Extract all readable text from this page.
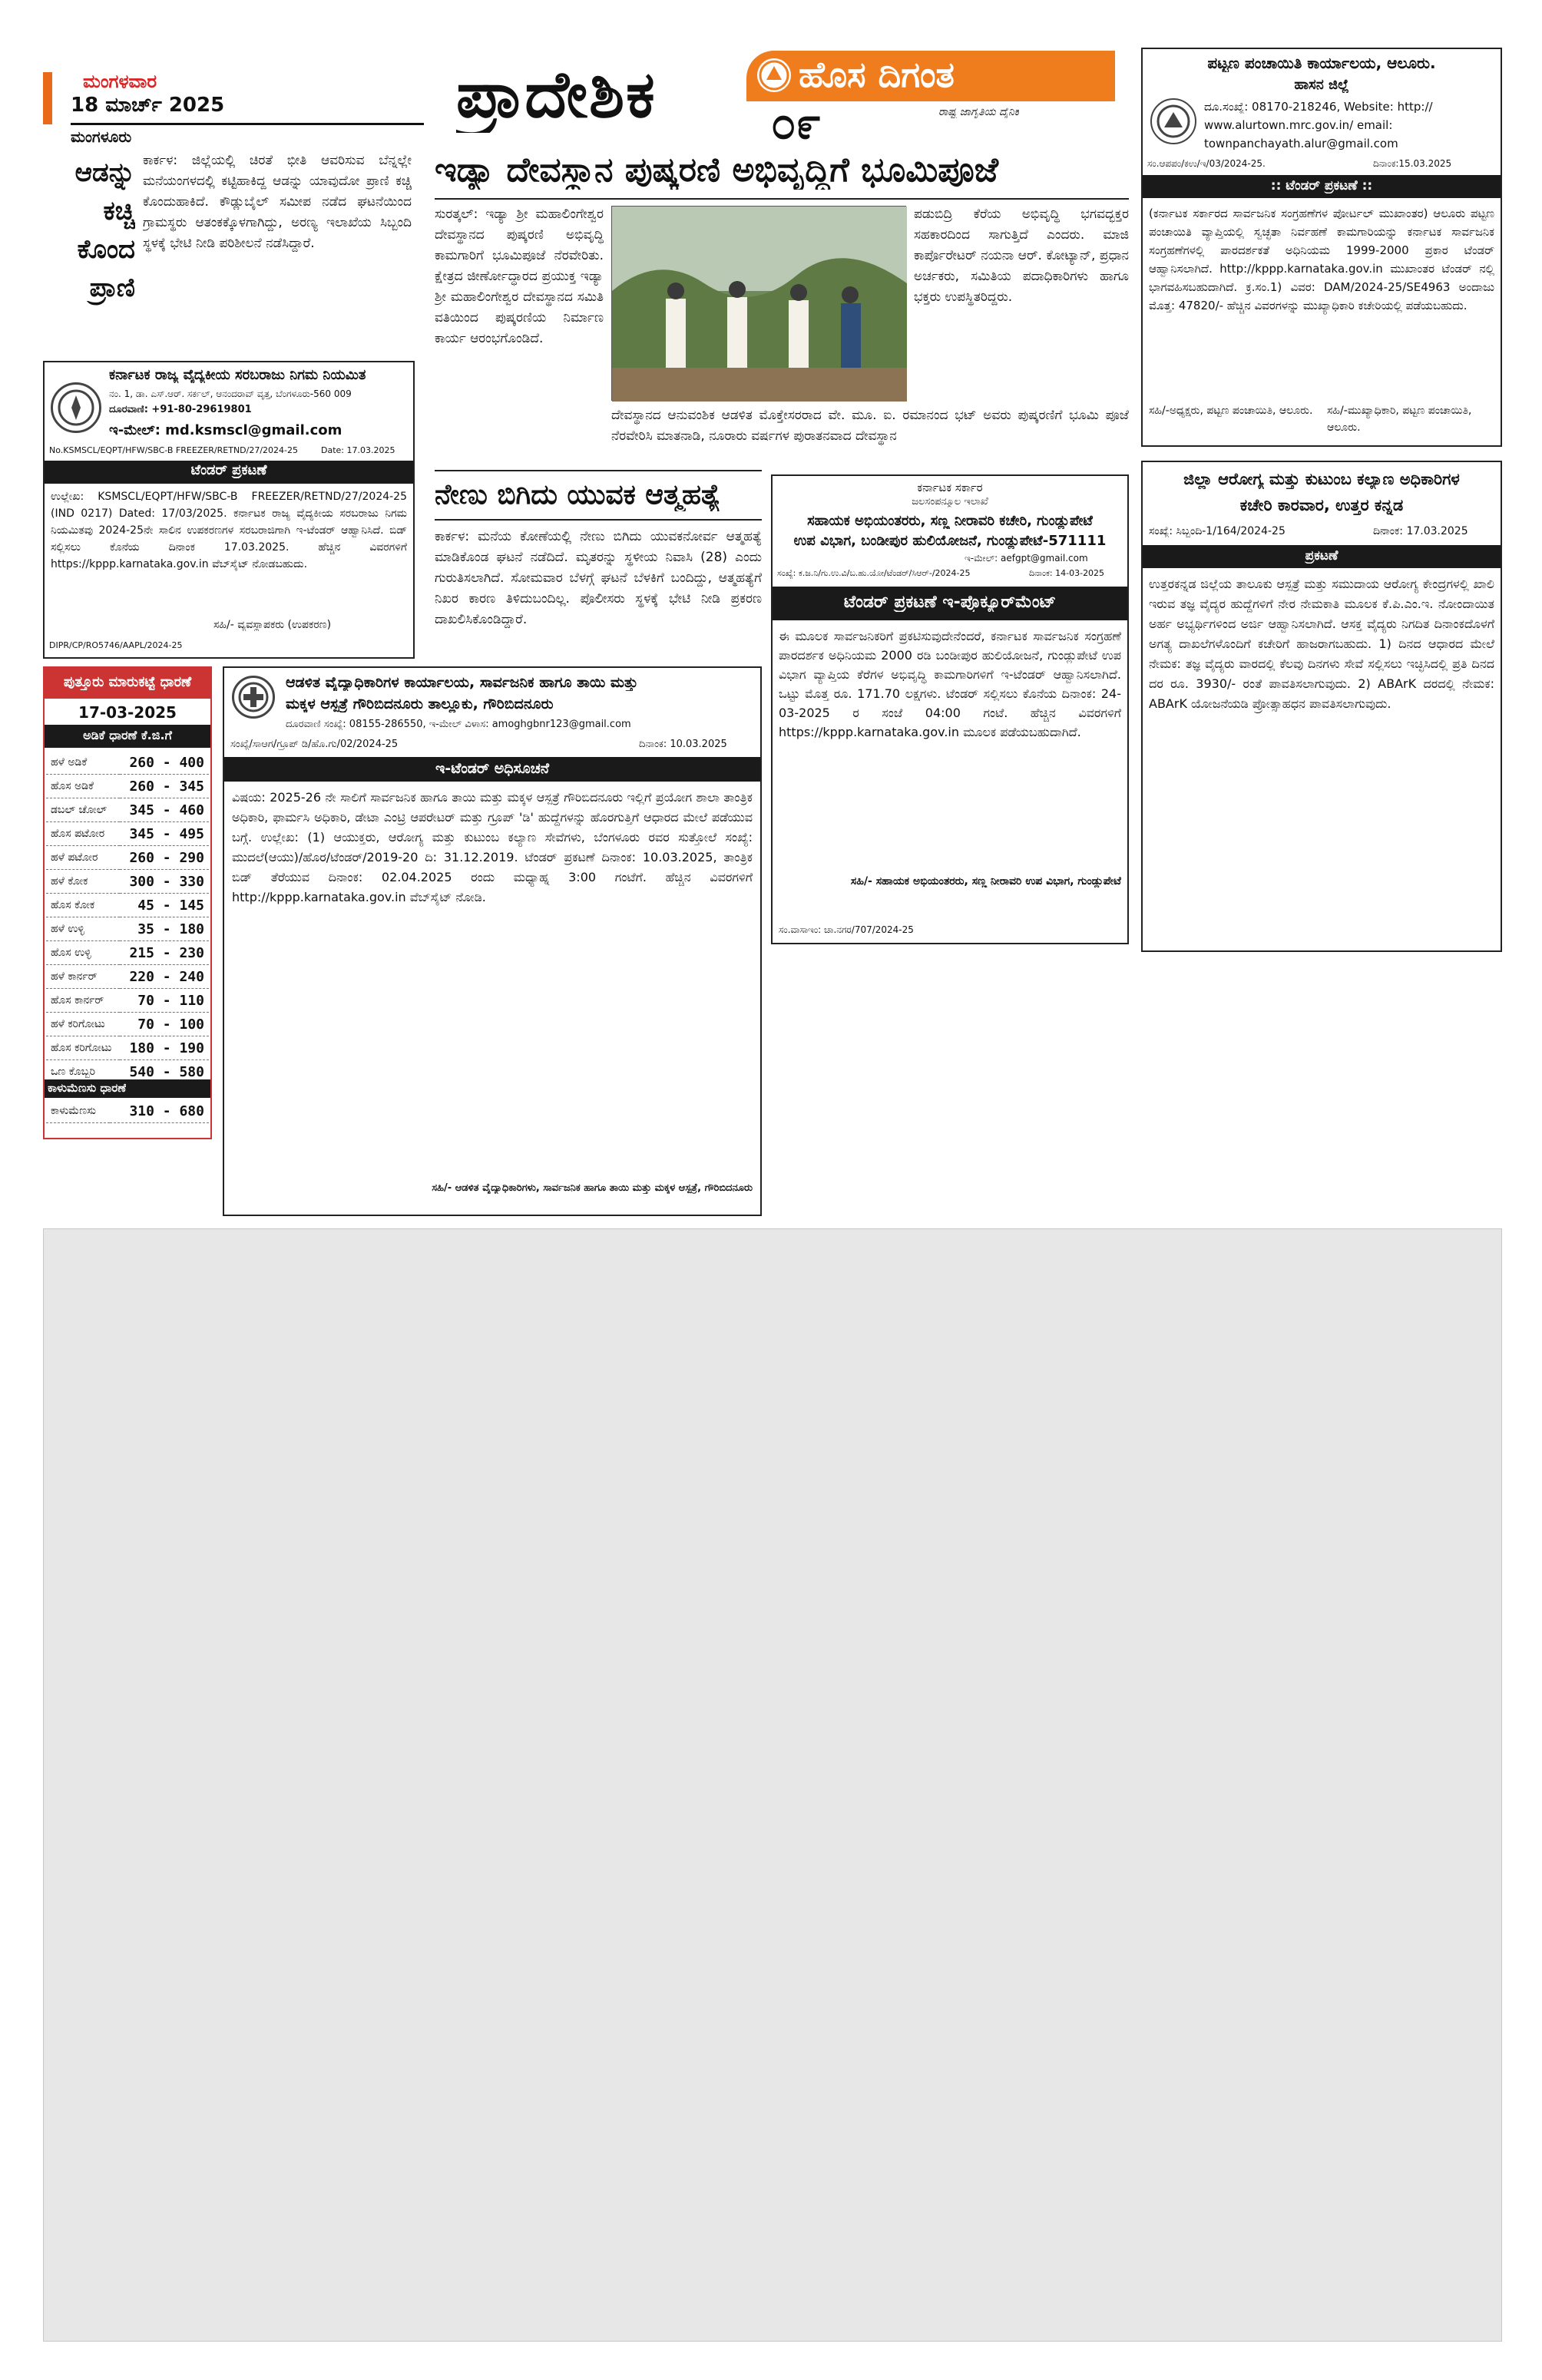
ಮಂಗಳವಾರ

18 ಮಾರ್ಚ್ 2025

ಮಂಗಳೂರು

ಪ್ರಾದೇಶಿಕ	ಹೊಸ ದಿಗಂತ

ರಾಷ್ಟ್ರ ಜಾಗೃತಿಯ ದೈನಿಕ

೦೯

ಆಡನ್ನು ಕಚ್ಚಿ ಕೊಂದ ಪ್ರಾಣಿ

ಕಾರ್ಕಳ: ಜಿಲ್ಲೆಯಲ್ಲಿ ಚಿರತೆ ಭೀತಿ ಆವರಿಸುವ ಬೆನ್ನಲ್ಲೇ ಮನೆಯಂಗಳದಲ್ಲಿ ಕಟ್ಟಿಹಾಕಿದ್ದ ಆಡನ್ನು ಯಾವುದೋ ಪ್ರಾಣಿ ಕಚ್ಚಿ ಕೊಂದುಹಾಕಿದೆ. ಕೌಡ್ಲುಬೈಲ್ ಸಮೀಪ ನಡೆದ ಘಟನೆಯಿಂದ ಗ್ರಾಮಸ್ಥರು ಆತಂಕಕ್ಕೊಳಗಾಗಿದ್ದು, ಅರಣ್ಯ ಇಲಾಖೆಯ ಸಿಬ್ಬಂದಿ ಸ್ಥಳಕ್ಕೆ ಭೇಟಿ ನೀಡಿ ಪರಿಶೀಲನೆ ನಡೆಸಿದ್ದಾರೆ.

ಕರ್ನಾಟಕ ರಾಜ್ಯ ವೈದ್ಯಕೀಯ ಸರಬರಾಜು ನಿಗಮ ನಿಯಮಿತ

ನಂ. 1, ಡಾ. ಎಸ್.ಆರ್. ಸರ್ಕಲ್, ಆನಂದರಾವ್ ವೃತ್ತ, ಬೆಂಗಳೂರು-560 009

ದೂರವಾಣಿ: +91-80-29619801

ಇ-ಮೇಲ್: md.ksmscl@gmail.com

No.KSMSCL/EQPT/HFW/SBC-B FREEZER/RETND/27/2024-25	Date: 17.03.2025

ಟೆಂಡರ್ ಪ್ರಕಟಣೆ

ಉಲ್ಲೇಖ: KSMSCL/EQPT/HFW/SBC-B FREEZER/RETND/27/2024-25 (IND 0217) Dated: 17/03/2025. ಕರ್ನಾಟಕ ರಾಜ್ಯ ವೈದ್ಯಕೀಯ ಸರಬರಾಜು ನಿಗಮ ನಿಯಮಿತವು 2024-25ನೇ ಸಾಲಿನ ಉಪಕರಣಗಳ ಸರಬರಾಜಿಗಾಗಿ ಇ-ಟೆಂಡರ್ ಆಹ್ವಾನಿಸಿದೆ. ಬಿಡ್ ಸಲ್ಲಿಸಲು ಕೊನೆಯ ದಿನಾಂಕ 17.03.2025. ಹೆಚ್ಚಿನ ವಿವರಗಳಿಗೆ https://kppp.karnataka.gov.in ವೆಬ್‌ಸೈಟ್ ನೋಡಬಹುದು.

ಸಹಿ/- ವ್ಯವಸ್ಥಾಪಕರು (ಉಪಕರಣ)

DIPR/CP/RO5746/AAPL/2024-25

ಪುತ್ತೂರು ಮಾರುಕಟ್ಟೆ ಧಾರಣೆ

17-03-2025

ಅಡಿಕೆ ಧಾರಣೆ ಕೆ.ಜಿ.ಗೆ

ಹಳೆ ಅಡಿಕೆ	260 - 400
ಹೊಸ ಅಡಿಕೆ	260 - 345
ಡಬಲ್ ಚೋಲ್	345 - 460
ಹೊಸ ಪಟೋರ	345 - 495
ಹಳೆ ಪಟೋರ	260 - 290
ಹಳೆ ಕೋಕ	300 - 330
ಹೊಸ ಕೋಕ	45 - 145
ಹಳೆ ಉಳ್ಳಿ	35 - 180
ಹೊಸ ಉಳ್ಳಿ	215 - 230
ಹಳೆ ಕಾರ್ನರ್	220 - 240
ಹೊಸ ಕಾರ್ನರ್	70 - 110
ಹಳೆ ಕರಿಗೋಟು	70 - 100
ಹೊಸ ಕರಿಗೋಟು	180 - 190
ಒಣ ಕೊಬ್ಬರಿ	540 - 580

ಕಾಳುಮೆಣಸು ಧಾರಣೆ

ಕಾಳುಮೆಣಸು	310 - 680

ಇಡ್ಯಾ ದೇವಸ್ಥಾನ ಪುಷ್ಕರಣಿ ಅಭಿವೃದ್ಧಿಗೆ ಭೂಮಿಪೂಜೆ

ಸುರತ್ಕಲ್: ಇಡ್ಯಾ ಶ್ರೀ ಮಹಾಲಿಂಗೇಶ್ವರ ದೇವಸ್ಥಾನದ ಪುಷ್ಕರಣಿ ಅಭಿವೃದ್ಧಿ ಕಾಮಗಾರಿಗೆ ಭೂಮಿಪೂಜೆ ನೆರವೇರಿತು. ಕ್ಷೇತ್ರದ ಜೀರ್ಣೋದ್ಧಾರದ ಪ್ರಯುಕ್ತ ಇಡ್ಯಾ ಶ್ರೀ ಮಹಾಲಿಂಗೇಶ್ವರ ದೇವಸ್ಥಾನದ ಸಮಿತಿ ವತಿಯಿಂದ ಪುಷ್ಕರಣಿಯ ನಿರ್ಮಾಣ ಕಾರ್ಯ ಆರಂಭಗೊಂಡಿದೆ.

ಪಡುಬಿದ್ರಿ ಕೆರೆಯ ಅಭಿವೃದ್ಧಿ ಭಗವದ್ಭಕ್ತರ ಸಹಕಾರದಿಂದ ಸಾಗುತ್ತಿದೆ ಎಂದರು. ಮಾಜಿ ಕಾರ್ಪೊರೇಟರ್ ನಯನಾ ಆರ್. ಕೋಟ್ಯಾನ್, ಪ್ರಧಾನ ಅರ್ಚಕರು, ಸಮಿತಿಯ ಪದಾಧಿಕಾರಿಗಳು ಹಾಗೂ ಭಕ್ತರು ಉಪಸ್ಥಿತರಿದ್ದರು.

ದೇವಸ್ಥಾನದ ಆನುವಂಶಿಕ ಆಡಳಿತ ಮೊಕ್ತೇಸರರಾದ ವೇ. ಮೂ. ಐ. ರಮಾನಂದ ಭಟ್ ಅವರು ಪುಷ್ಕರಣಿಗೆ ಭೂಮಿ ಪೂಜೆ ನೆರವೇರಿಸಿ ಮಾತನಾಡಿ, ನೂರಾರು ವರ್ಷಗಳ ಪುರಾತನವಾದ ದೇವಸ್ಥಾನ

ನೇಣು ಬಿಗಿದು ಯುವಕ ಆತ್ಮಹತ್ಯೆ

ಕಾರ್ಕಳ: ಮನೆಯ ಕೋಣೆಯಲ್ಲಿ ನೇಣು ಬಿಗಿದು ಯುವಕನೋರ್ವ ಆತ್ಮಹತ್ಯೆ ಮಾಡಿಕೊಂಡ ಘಟನೆ ನಡೆದಿದೆ. ಮೃತರನ್ನು ಸ್ಥಳೀಯ ನಿವಾಸಿ (28) ಎಂದು ಗುರುತಿಸಲಾಗಿದೆ. ಸೋಮವಾರ ಬೆಳಗ್ಗೆ ಘಟನೆ ಬೆಳಕಿಗೆ ಬಂದಿದ್ದು, ಆತ್ಮಹತ್ಯೆಗೆ ನಿಖರ ಕಾರಣ ತಿಳಿದುಬಂದಿಲ್ಲ. ಪೊಲೀಸರು ಸ್ಥಳಕ್ಕೆ ಭೇಟಿ ನೀಡಿ ಪ್ರಕರಣ ದಾಖಲಿಸಿಕೊಂಡಿದ್ದಾರೆ.

ಕರ್ನಾಟಕ ಸರ್ಕಾರ

ಜಲಸಂಪನ್ಮೂಲ ಇಲಾಖೆ

ಸಹಾಯಕ ಅಭಿಯಂತರರು, ಸಣ್ಣ ನೀರಾವರಿ ಕಚೇರಿ, ಗುಂಡ್ಲುಪೇಟೆ

ಉಪ ವಿಭಾಗ, ಬಂಡೀಪುರ ಹುಲಿಯೋಜನೆ, ಗುಂಡ್ಲುಪೇಟೆ-571111

ಇ-ಮೇಲ್: aefgpt@gmail.com

ಸಂಖ್ಯೆ: ಕ.ಜ.ನಿ/ಗು.ಉ.ವಿ/ಬ.ಹು.ಯೋ/ಟೆಂಡರ್/ಸಿಆರ್-/2024-25	ದಿನಾಂಕ: 14-03-2025

ಟೆಂಡರ್ ಪ್ರಕಟಣೆ ಇ-ಪ್ರೊಕ್ಯೂರ್‌ಮೆಂಟ್

ಈ ಮೂಲಕ ಸಾರ್ವಜನಿಕರಿಗೆ ಪ್ರಕಟಿಸುವುದೇನೆಂದರೆ, ಕರ್ನಾಟಕ ಸಾರ್ವಜನಿಕ ಸಂಗ್ರಹಣೆ ಪಾರದರ್ಶಕ ಅಧಿನಿಯಮ 2000 ರಡಿ ಬಂಡೀಪುರ ಹುಲಿಯೋಜನೆ, ಗುಂಡ್ಲುಪೇಟೆ ಉಪ ವಿಭಾಗ ವ್ಯಾಪ್ತಿಯ ಕೆರೆಗಳ ಅಭಿವೃದ್ಧಿ ಕಾಮಗಾರಿಗಳಿಗೆ ಇ-ಟೆಂಡರ್ ಆಹ್ವಾನಿಸಲಾಗಿದೆ. ಒಟ್ಟು ಮೊತ್ತ ರೂ. 171.70 ಲಕ್ಷಗಳು. ಟೆಂಡರ್ ಸಲ್ಲಿಸಲು ಕೊನೆಯ ದಿನಾಂಕ: 24-03-2025 ರ ಸಂಜೆ 04:00 ಗಂಟೆ. ಹೆಚ್ಚಿನ ವಿವರಗಳಿಗೆ https://kppp.karnataka.gov.in ಮೂಲಕ ಪಡೆಯಬಹುದಾಗಿದೆ.

ಸಹಿ/- ಸಹಾಯಕ ಅಭಿಯಂತರರು, ಸಣ್ಣ ನೀರಾವರಿ ಉಪ ವಿಭಾಗ, ಗುಂಡ್ಲುಪೇಟೆ

ಸಂ.ವಾಸಾಇಂ: ಚಾ.ನಗರ/707/2024-25

ಆಡಳಿತ ವೈದ್ಯಾಧಿಕಾರಿಗಳ ಕಾರ್ಯಾಲಯ, ಸಾರ್ವಜನಿಕ ಹಾಗೂ ತಾಯಿ ಮತ್ತು

ಮಕ್ಕಳ ಆಸ್ಪತ್ರೆ ಗೌರಿಬಿದನೂರು ತಾಲ್ಲೂಕು, ಗೌರಿಬಿದನೂರು

ದೂರವಾಣಿ ಸಂಖ್ಯೆ: 08155-286550, ಇ-ಮೇಲ್ ವಿಳಾಸ: amoghgbnr123@gmail.com

ಸಂಖ್ಯೆ/ಸಾಆಗ/ಗ್ರೂಪ್ ಡಿ/ಹೊ.ಗು/02/2024-25	ದಿನಾಂಕ: 10.03.2025

ಇ-ಟೆಂಡರ್ ಅಧಿಸೂಚನೆ

ವಿಷಯ: 2025-26 ನೇ ಸಾಲಿಗೆ ಸಾರ್ವಜನಿಕ ಹಾಗೂ ತಾಯಿ ಮತ್ತು ಮಕ್ಕಳ ಆಸ್ಪತ್ರೆ ಗೌರಿಬಿದನೂರು ಇಲ್ಲಿಗೆ ಪ್ರಯೋಗ ಶಾಲಾ ತಾಂತ್ರಿಕ ಅಧಿಕಾರಿ, ಫಾರ್ಮಸಿ ಅಧಿಕಾರಿ, ಡೇಟಾ ಎಂಟ್ರಿ ಆಪರೇಟರ್ ಮತ್ತು ಗ್ರೂಪ್ 'ಡಿ' ಹುದ್ದೆಗಳನ್ನು ಹೊರಗುತ್ತಿಗೆ ಆಧಾರದ ಮೇಲೆ ಪಡೆಯುವ ಬಗ್ಗೆ. ಉಲ್ಲೇಖ: (1) ಆಯುಕ್ತರು, ಆರೋಗ್ಯ ಮತ್ತು ಕುಟುಂಬ ಕಲ್ಯಾಣ ಸೇವೆಗಳು, ಬೆಂಗಳೂರು ರವರ ಸುತ್ತೋಲೆ ಸಂಖ್ಯೆ: ಮುದಲೆ(ಆಯು)/ಹೊರ/ಟೆಂಡರ್/2019-20 ದಿ: 31.12.2019. ಟೆಂಡರ್ ಪ್ರಕಟಣೆ ದಿನಾಂಕ: 10.03.2025, ತಾಂತ್ರಿಕ ಬಿಡ್ ತೆರೆಯುವ ದಿನಾಂಕ: 02.04.2025 ರಂದು ಮಧ್ಯಾಹ್ನ 3:00 ಗಂಟೆಗೆ. ಹೆಚ್ಚಿನ ವಿವರಗಳಿಗೆ http://kppp.karnataka.gov.in ವೆಬ್‌ಸೈಟ್ ನೋಡಿ.

ಸಹಿ/- ಆಡಳಿತ ವೈದ್ಯಾಧಿಕಾರಿಗಳು, ಸಾರ್ವಜನಿಕ ಹಾಗೂ ತಾಯಿ ಮತ್ತು ಮಕ್ಕಳ ಆಸ್ಪತ್ರೆ, ಗೌರಿಬಿದನೂರು

ಪಟ್ಟಣ ಪಂಚಾಯಿತಿ ಕಾರ್ಯಾಲಯ, ಆಲೂರು.

ಹಾಸನ ಜಿಲ್ಲೆ

ದೂ.ಸಂಖ್ಯೆ: 08170-218246, Website: http://

www.alurtown.mrc.gov.in/ email:

townpanchayath.alur@gmail.com

ಸಂ.ಆಪಪಂ/ಕಉ/ಇ/03/2024-25.	ದಿನಾಂಕ:15.03.2025

:: ಟೆಂಡರ್ ಪ್ರಕಟಣೆ ::

(ಕರ್ನಾಟಕ ಸರ್ಕಾರದ ಸಾರ್ವಜನಿಕ ಸಂಗ್ರಹಣೆಗಳ ಪೋರ್ಟಲ್ ಮುಖಾಂತರ) ಆಲೂರು ಪಟ್ಟಣ ಪಂಚಾಯಿತಿ ವ್ಯಾಪ್ತಿಯಲ್ಲಿ ಸ್ವಚ್ಛತಾ ನಿರ್ವಹಣೆ ಕಾಮಗಾರಿಯನ್ನು ಕರ್ನಾಟಕ ಸಾರ್ವಜನಿಕ ಸಂಗ್ರಹಣೆಗಳಲ್ಲಿ ಪಾರದರ್ಶಕತೆ ಅಧಿನಿಯಮ 1999-2000 ಪ್ರಕಾರ ಟೆಂಡರ್ ಆಹ್ವಾನಿಸಲಾಗಿದೆ. http://kppp.karnataka.gov.in ಮುಖಾಂತರ ಟೆಂಡರ್ ನಲ್ಲಿ ಭಾಗವಹಿಸಬಹುದಾಗಿದೆ. ಕ್ರ.ಸಂ.1) ವಿವರ: DAM/2024-25/SE4963 ಅಂದಾಜು ಮೊತ್ತ: 47820/- ಹೆಚ್ಚಿನ ವಿವರಗಳನ್ನು ಮುಖ್ಯಾಧಿಕಾರಿ ಕಚೇರಿಯಲ್ಲಿ ಪಡೆಯಬಹುದು.

ಸಹಿ/-ಅಧ್ಯಕ್ಷರು, ಪಟ್ಟಣ ಪಂಚಾಯಿತಿ, ಆಲೂರು.	ಸಹಿ/-ಮುಖ್ಯಾಧಿಕಾರಿ, ಪಟ್ಟಣ ಪಂಚಾಯಿತಿ, ಆಲೂರು.

ಜಿಲ್ಲಾ ಆರೋಗ್ಯ ಮತ್ತು ಕುಟುಂಬ ಕಲ್ಯಾಣ ಅಧಿಕಾರಿಗಳ

ಕಚೇರಿ ಕಾರವಾರ, ಉತ್ತರ ಕನ್ನಡ

ಸಂಖ್ಯೆ: ಸಿಬ್ಬಂದಿ-1/164/2024-25	ದಿನಾಂಕ: 17.03.2025

ಪ್ರಕಟಣೆ

ಉತ್ತರಕನ್ನಡ ಜಿಲ್ಲೆಯ ತಾಲೂಕು ಆಸ್ಪತ್ರೆ ಮತ್ತು ಸಮುದಾಯ ಆರೋಗ್ಯ ಕೇಂದ್ರಗಳಲ್ಲಿ ಖಾಲಿ ಇರುವ ತಜ್ಞ ವೈದ್ಯರ ಹುದ್ದೆಗಳಿಗೆ ನೇರ ನೇಮಕಾತಿ ಮೂಲಕ ಕೆ.ಪಿ.ಎಂ.ಇ. ನೋಂದಾಯಿತ ಅರ್ಹ ಅಭ್ಯರ್ಥಿಗಳಿಂದ ಅರ್ಜಿ ಆಹ್ವಾನಿಸಲಾಗಿದೆ. ಆಸಕ್ತ ವೈದ್ಯರು ನಿಗದಿತ ದಿನಾಂಕದೊಳಗೆ ಅಗತ್ಯ ದಾಖಲೆಗಳೊಂದಿಗೆ ಕಚೇರಿಗೆ ಹಾಜರಾಗಬಹುದು. 1) ದಿನದ ಆಧಾರದ ಮೇಲೆ ನೇಮಕ: ತಜ್ಞ ವೈದ್ಯರು ವಾರದಲ್ಲಿ ಕೆಲವು ದಿನಗಳು ಸೇವೆ ಸಲ್ಲಿಸಲು ಇಚ್ಛಿಸಿದಲ್ಲಿ ಪ್ರತಿ ದಿನದ ದರ ರೂ. 3930/- ರಂತೆ ಪಾವತಿಸಲಾಗುವುದು. 2) ABArK ದರದಲ್ಲಿ ನೇಮಕ: ABArK ಯೋಜನೆಯಡಿ ಪ್ರೋತ್ಸಾಹಧನ ಪಾವತಿಸಲಾಗುವುದು.
